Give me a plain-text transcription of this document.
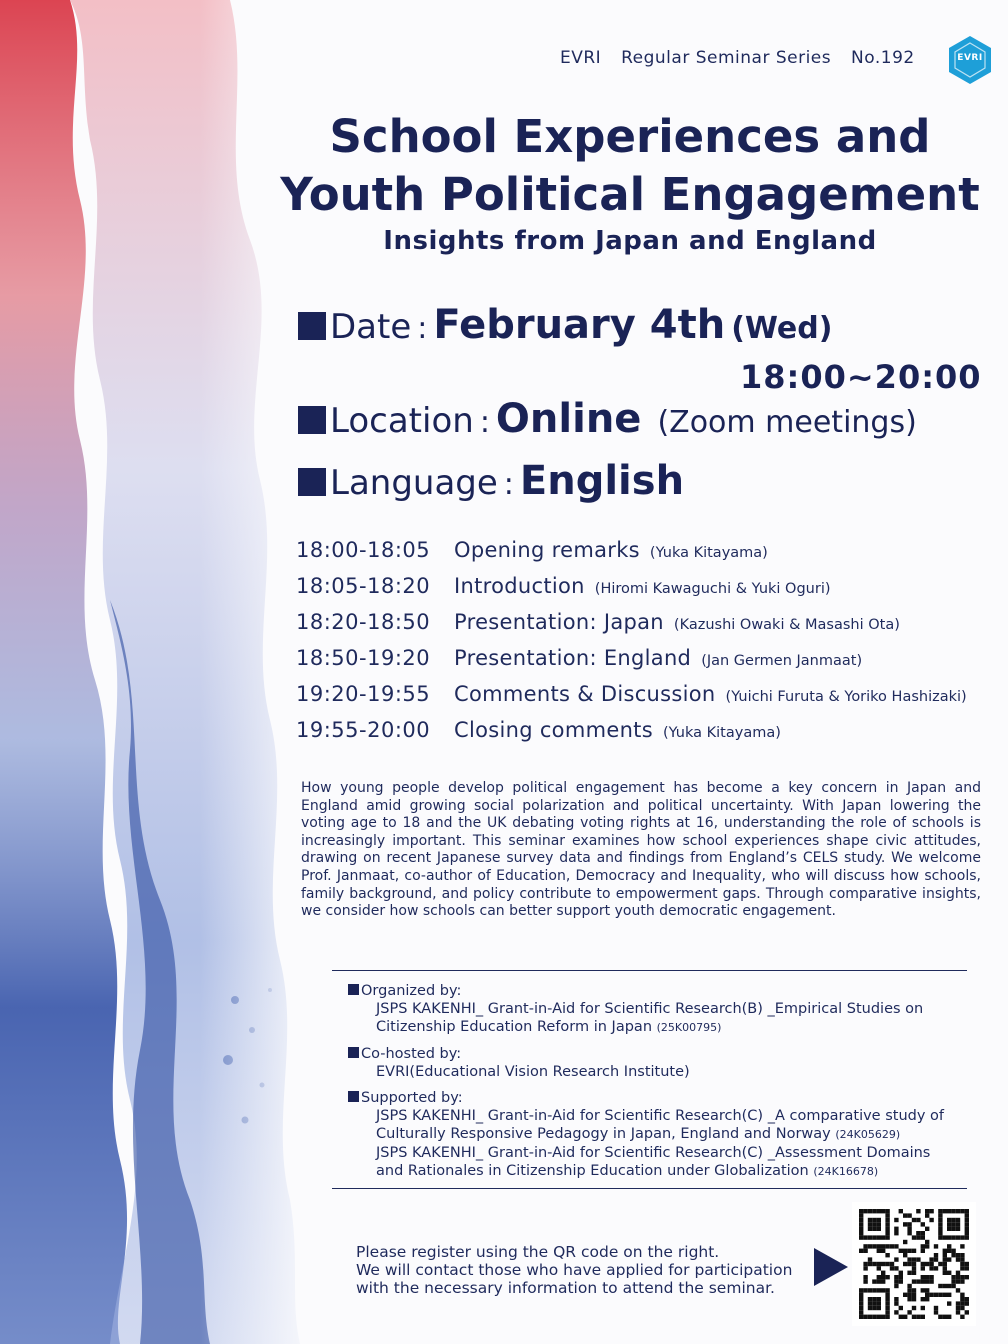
EVRI Regular Seminar Series No.192	EVRI
School Experiences and
Youth Political Engagement
Insights from Japan and England
Date : February 4th (Wed)
18:00~20:00
Location : Online (Zoom meetings)
Language : English
18:00-18:05	Opening remarks (Yuka Kitayama)
18:05-18:20	Introduction (Hiromi Kawaguchi & Yuki Oguri)
18:20-18:50	Presentation: Japan (Kazushi Owaki & Masashi Ota)
18:50-19:20	Presentation: England (Jan Germen Janmaat)
19:20-19:55	Comments & Discussion (Yuichi Furuta & Yoriko Hashizaki)
19:55-20:00	Closing comments (Yuka Kitayama)
How young people develop political engagement has become a key concern in Japan and England amid growing social polarization and political uncertainty. With Japan lowering the voting age to 18 and the UK debating voting rights at 16, understanding the role of schools is increasingly important. This seminar examines how school experiences shape civic attitudes, drawing on recent Japanese survey data and findings from England’s CELS study. We welcome Prof. Janmaat, co-author of Education, Democracy and Inequality, who will discuss how schools, family background, and policy contribute to empowerment gaps. Through comparative insights, we consider how schools can better support youth democratic engagement.
Organized by:
JSPS KAKENHI_ Grant-in-Aid for Scientific Research(B) _Empirical Studies on
Citizenship Education Reform in Japan (25K00795)
Co-hosted by:
EVRI(Educational Vision Research Institute)
Supported by:
JSPS KAKENHI_ Grant-in-Aid for Scientific Research(C) _A comparative study of
Culturally Responsive Pedagogy in Japan, England and Norway (24K05629)
JSPS KAKENHI_ Grant-in-Aid for Scientific Research(C) _Assessment Domains
and Rationales in Citizenship Education under Globalization (24K16678)
Please register using the QR code on the right.
We will contact those who have applied for participation
with the necessary information to attend the seminar.
